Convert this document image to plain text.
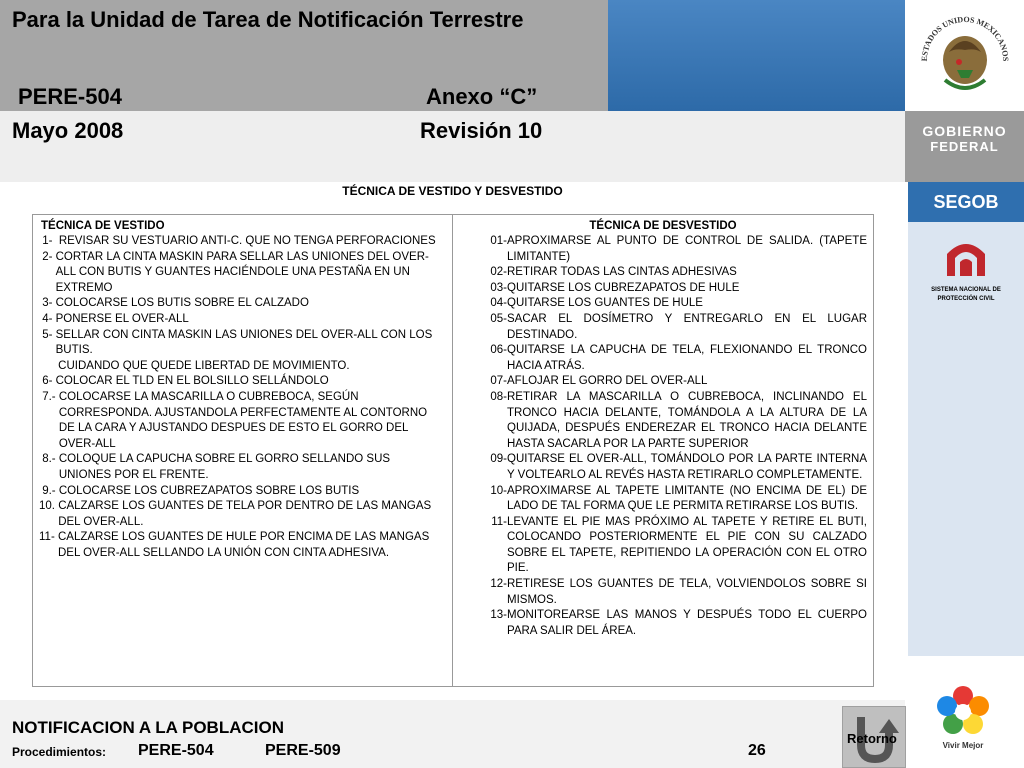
Para la Unidad de Tarea de Notificación Terrestre
PERE-504	Anexo “C”
Mayo 2008	Revisión 10
ESTADOS UNIDOS MEXICANOS
GOBIERNO
FEDERAL
SEGOB
SISTEMA NACIONAL DE
PROTECCIÓN CIVIL
Vivir Mejor
TÉCNICA DE VESTIDO Y DESVESTIDO
TÉCNICA DE VESTIDO
1- REVISAR SU VESTUARIO ANTI-C. QUE NO TENGA PERFORACIONES
2- CORTAR LA CINTA MASKIN PARA SELLAR LAS UNIONES DEL OVER-ALL CON BUTIS Y GUANTES HACIÉNDOLE UNA PESTAÑA EN UN EXTREMO
3- COLOCARSE LOS BUTIS SOBRE EL CALZADO
4- PONERSE EL OVER-ALL
5- SELLAR CON CINTA MASKIN LAS UNIONES DEL OVER-ALL CON LOS BUTIS.

CUIDANDO QUE QUEDE LIBERTAD DE MOVIMIENTO.
6- COLOCAR EL TLD EN EL BOLSILLO SELLÁNDOLO
7.- COLOCARSE LA MASCARILLA O CUBREBOCA, SEGÚN CORRESPONDA. AJUSTANDOLA PERFECTAMENTE AL CONTORNO DE LA CARA Y AJUSTANDO DESPUES DE ESTO EL GORRO DEL OVER-ALL
8.- COLOQUE LA CAPUCHA SOBRE EL GORRO SELLANDO SUS UNIONES POR EL FRENTE.
9.- COLOCARSE LOS CUBREZAPATOS SOBRE LOS BUTIS
10. CALZARSE LOS GUANTES DE TELA POR DENTRO DE LAS MANGAS DEL OVER-ALL.
11- CALZARSE LOS GUANTES DE HULE POR ENCIMA DE LAS MANGAS DEL OVER-ALL SELLANDO LA UNIÓN CON CINTA ADHESIVA.
TÉCNICA DE DESVESTIDO
01- APROXIMARSE AL PUNTO DE CONTROL DE SALIDA. (TAPETE LIMITANTE)
02- RETIRAR TODAS LAS CINTAS ADHESIVAS
03- QUITARSE LOS CUBREZAPATOS DE HULE
04- QUITARSE LOS GUANTES DE HULE
05- SACAR EL DOSÍMETRO Y ENTREGARLO EN EL LUGAR DESTINADO.
06- QUITARSE LA CAPUCHA DE TELA, FLEXIONANDO EL TRONCO HACIA ATRÁS.
07- AFLOJAR EL GORRO DEL OVER-ALL
08- RETIRAR LA MASCARILLA O CUBREBOCA, INCLINANDO EL TRONCO HACIA DELANTE, TOMÁNDOLA A LA ALTURA DE LA QUIJADA, DESPUÉS ENDEREZAR EL TRONCO HACIA DELANTE HASTA SACARLA POR LA PARTE SUPERIOR
09- QUITARSE EL OVER-ALL, TOMÁNDOLO POR LA PARTE INTERNA Y VOLTEARLO AL REVÉS HASTA RETIRARLO COMPLETAMENTE.
10- APROXIMARSE AL TAPETE LIMITANTE (NO ENCIMA DE EL) DE LADO DE TAL FORMA QUE LE PERMITA RETIRARSE LOS BUTIS.
11- LEVANTE EL PIE MAS PRÓXIMO AL TAPETE Y RETIRE EL BUTI, COLOCANDO POSTERIORMENTE EL PIE CON SU CALZADO SOBRE EL TAPETE, REPITIENDO LA OPERACIÓN CON EL OTRO PIE.
12- RETIRESE LOS GUANTES DE TELA, VOLVIENDOLOS SOBRE SI MISMOS.
13- MONITOREARSE LAS MANOS Y DESPUÉS TODO EL CUERPO PARA SALIR DEL ÁREA.
NOTIFICACION A LA POBLACION
Procedimientos: PERE-504	PERE-509	26
Retorno
